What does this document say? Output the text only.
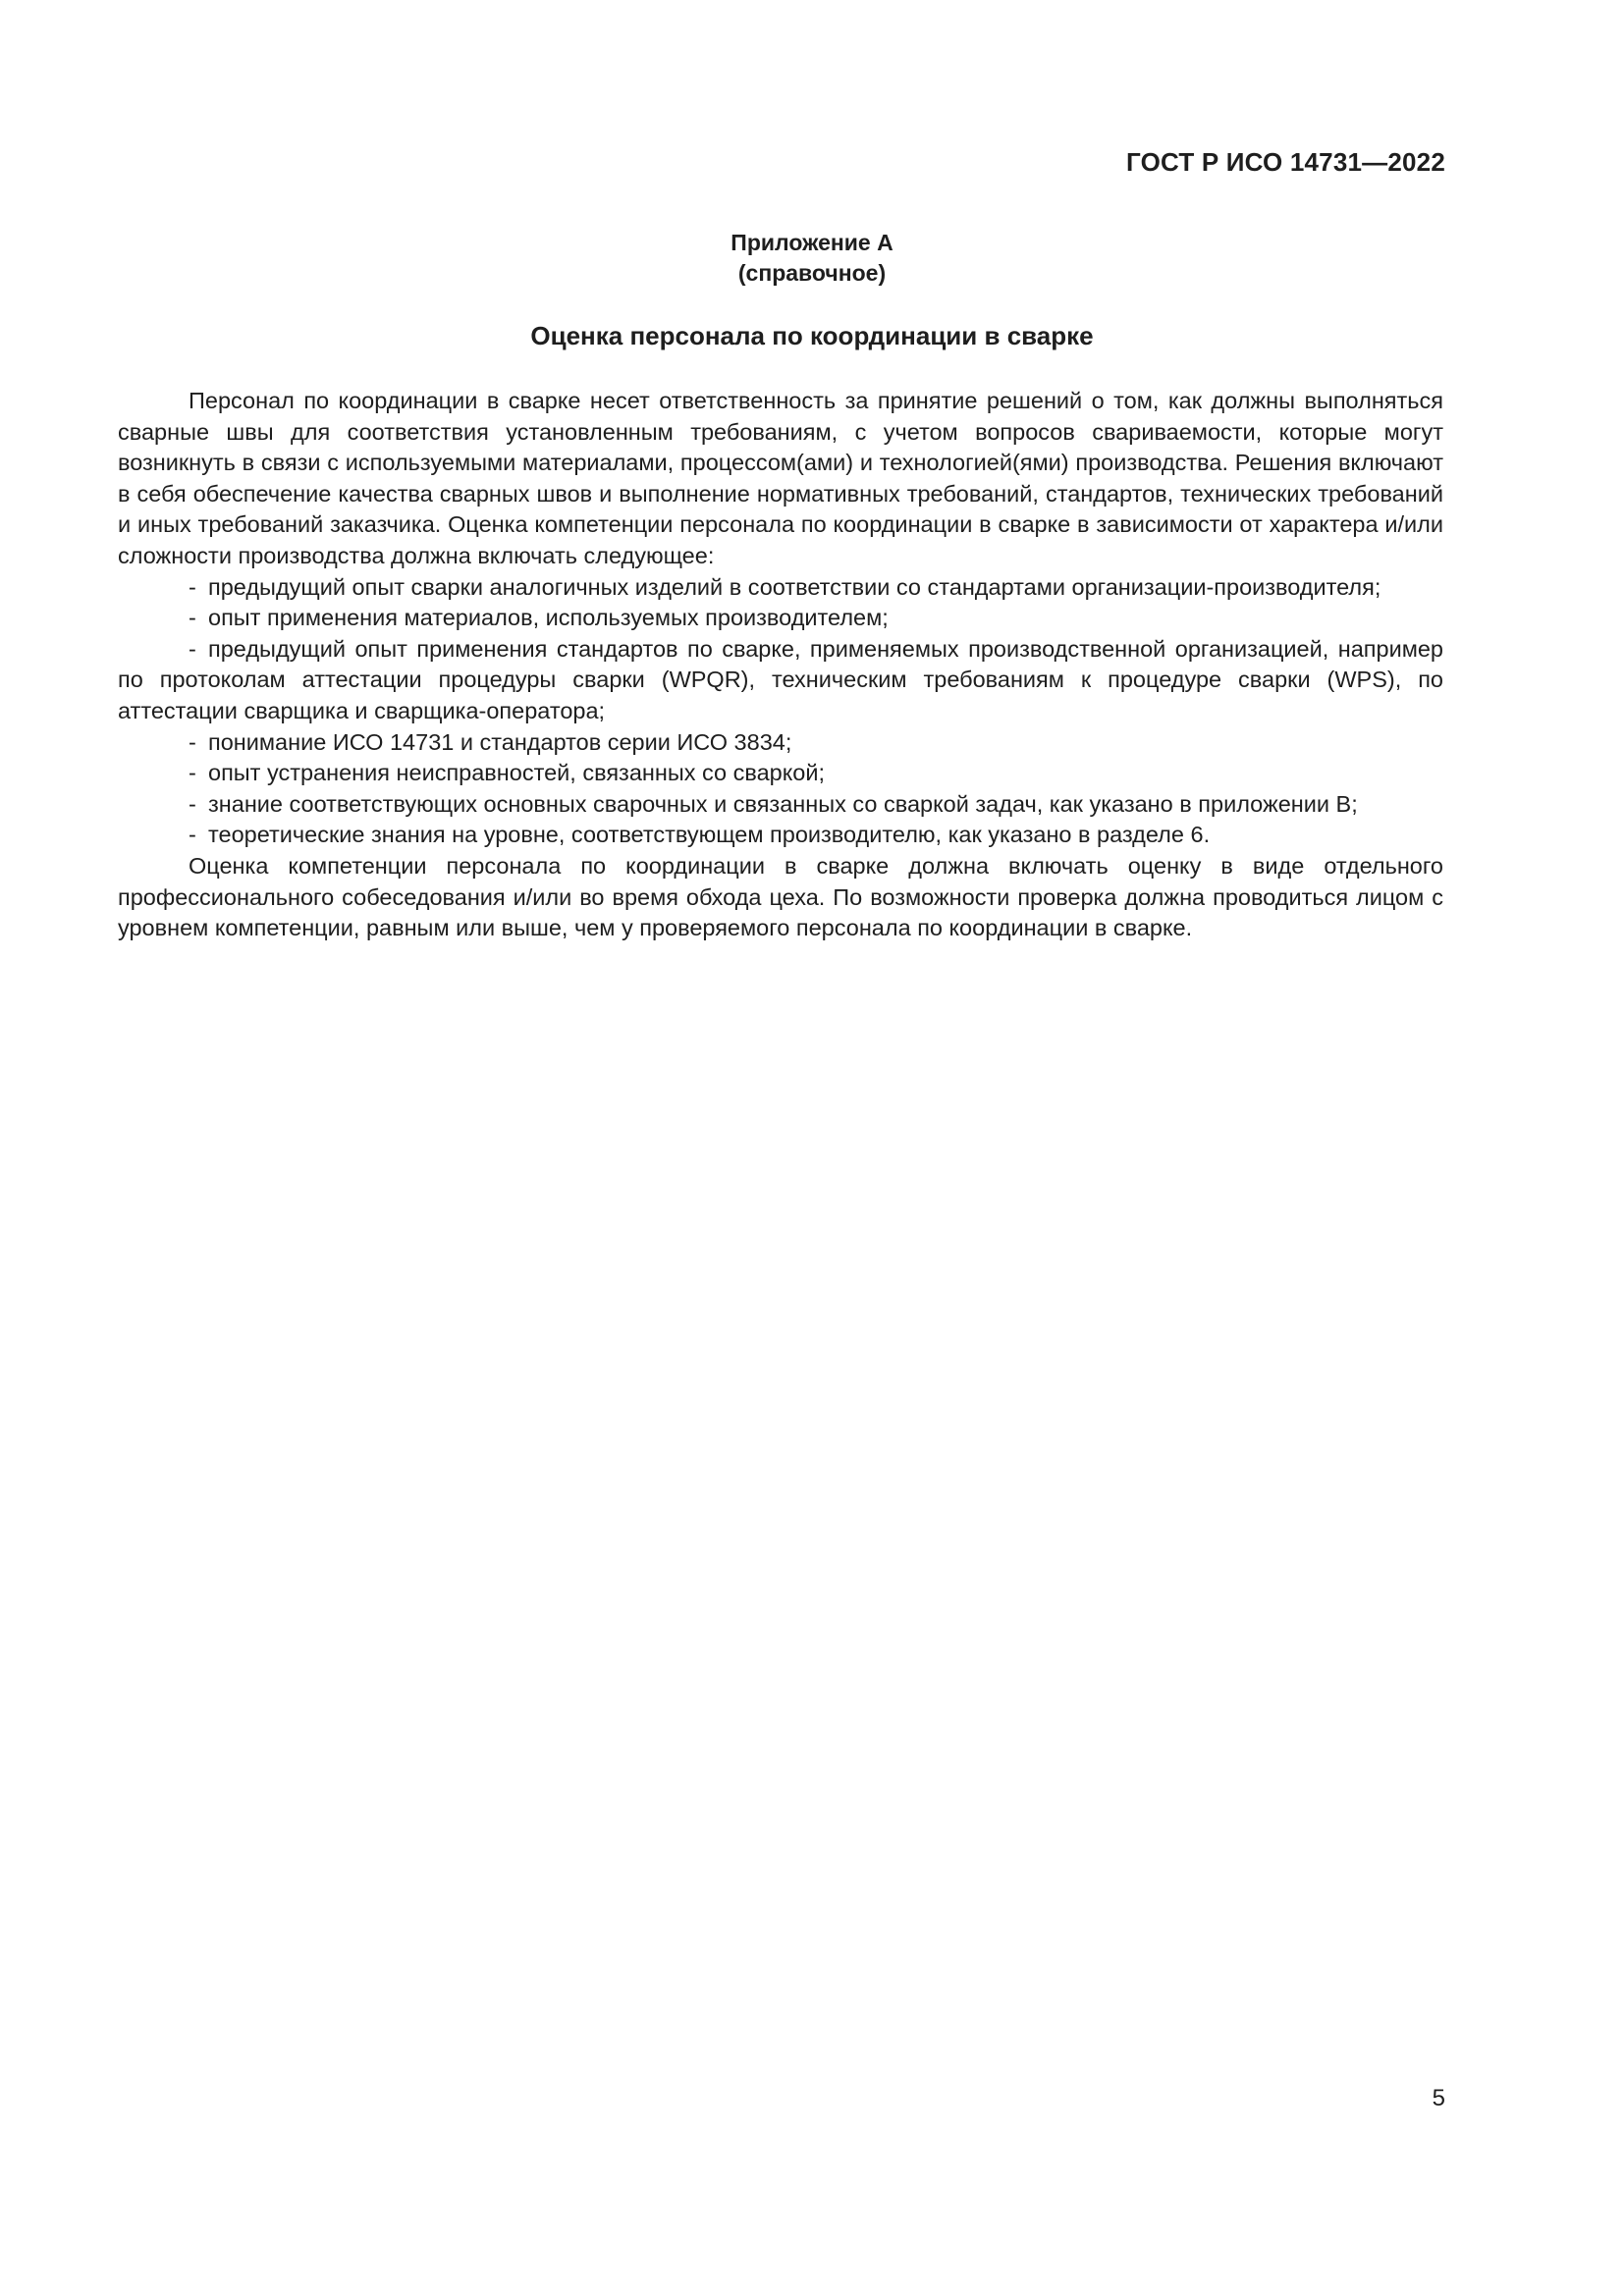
ГОСТ Р ИСО 14731—2022
Приложение А
(справочное)
Оценка персонала по координации в сварке

Персонал по координации в сварке несет ответственность за принятие решений о том, как должны выполняться сварные швы для соответствия установленным требованиям, с учетом вопросов свариваемости, которые могут возникнуть в связи с используемыми материалами, процессом(ами) и технологией(ями) производства. Решения включают в себя обеспечение качества сварных швов и выполнение нормативных требований, стандартов, технических требований и иных требований заказчика. Оценка компетенции персонала по координации в сварке в зависимости от характера и/или сложности производства должна включать следующее:

- предыдущий опыт сварки аналогичных изделий в соответствии со стандартами организации-производителя;
- опыт применения материалов, используемых производителем;
- предыдущий опыт применения стандартов по сварке, применяемых производственной организацией, например по протоколам аттестации процедуры сварки (WPQR), техническим требованиям к процедуре сварки (WPS), по аттестации сварщика и сварщика-оператора;
- понимание ИСО 14731 и стандартов серии ИСО 3834;
- опыт устранения неисправностей, связанных со сваркой;
- знание соответствующих основных сварочных и связанных со сваркой задач, как указано в приложении В;
- теоретические знания на уровне, соответствующем производителю, как указано в разделе 6.

Оценка компетенции персонала по координации в сварке должна включать оценку в виде отдельного профессионального собеседования и/или во время обхода цеха. По возможности проверка должна проводиться лицом с уровнем компетенции, равным или выше, чем у проверяемого персонала по координации в сварке.

5
